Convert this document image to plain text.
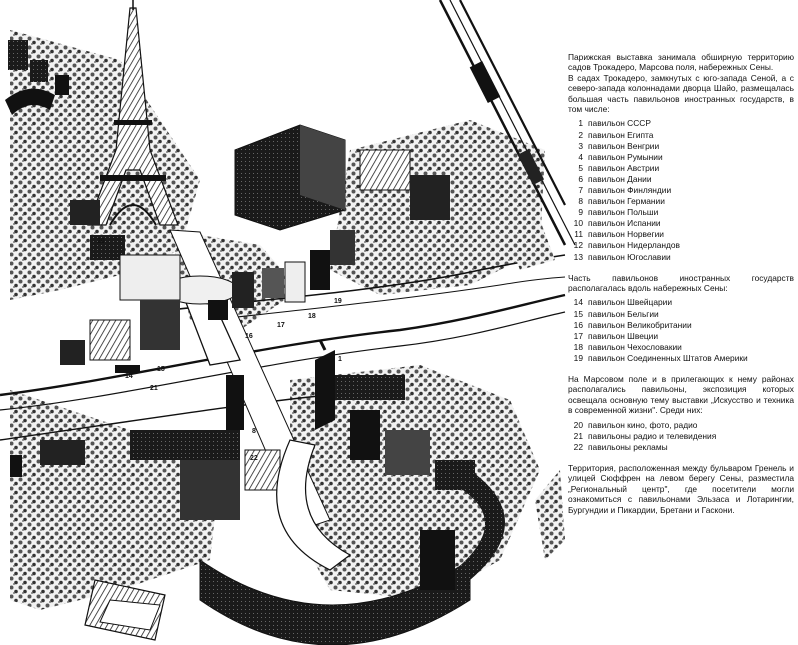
1
8
14
15
16
17
18
19
20
21
22

Парижская выставка занимала обширную территорию садов Трокадеро, Марсова поля, набережных Сены.

В садах Трокадеро, замкнутых с юго-запада Сеной, а с северо-запада колоннадами дворца Шайо, размещалась большая часть павильонов иностранных государств, в том числе:

1 павильон СССР
2 павильон Египта
3 павильон Венгрии
4 павильон Румынии
5 павильон Австрии
6 павильон Дании
7 павильон Финляндии
8 павильон Германии
9 павильон Польши
10 павильон Испании
11 павильон Норвегии
12 павильон Нидерландов
13 павильон Югославии

Часть павильонов иностранных государств располагалась вдоль набережных Сены:

14 павильон Швейцарии
15 павильон Бельгии
16 павильон Великобритании
17 павильон Швеции
18 павильон Чехословакии
19 павильон Соединенных Штатов Америки

На Марсовом поле и в прилегающих к нему районах располагались павильоны, экспозиция которых освещала основную тему выставки „Искусство и техника в современной жизни". Среди них:

20 павильон кино, фото, радио
21 павильоны радио и телевидения
22 павильоны рекламы

Территория, расположенная между бульваром Гренель и улицей Сюффрен на левом берегу Сены, разместила „Региональный центр", где посетители могли ознакомиться с павильонами Эльзаса и Лотарингии, Бургундии и Пикардии, Бретани и Гаскони.
